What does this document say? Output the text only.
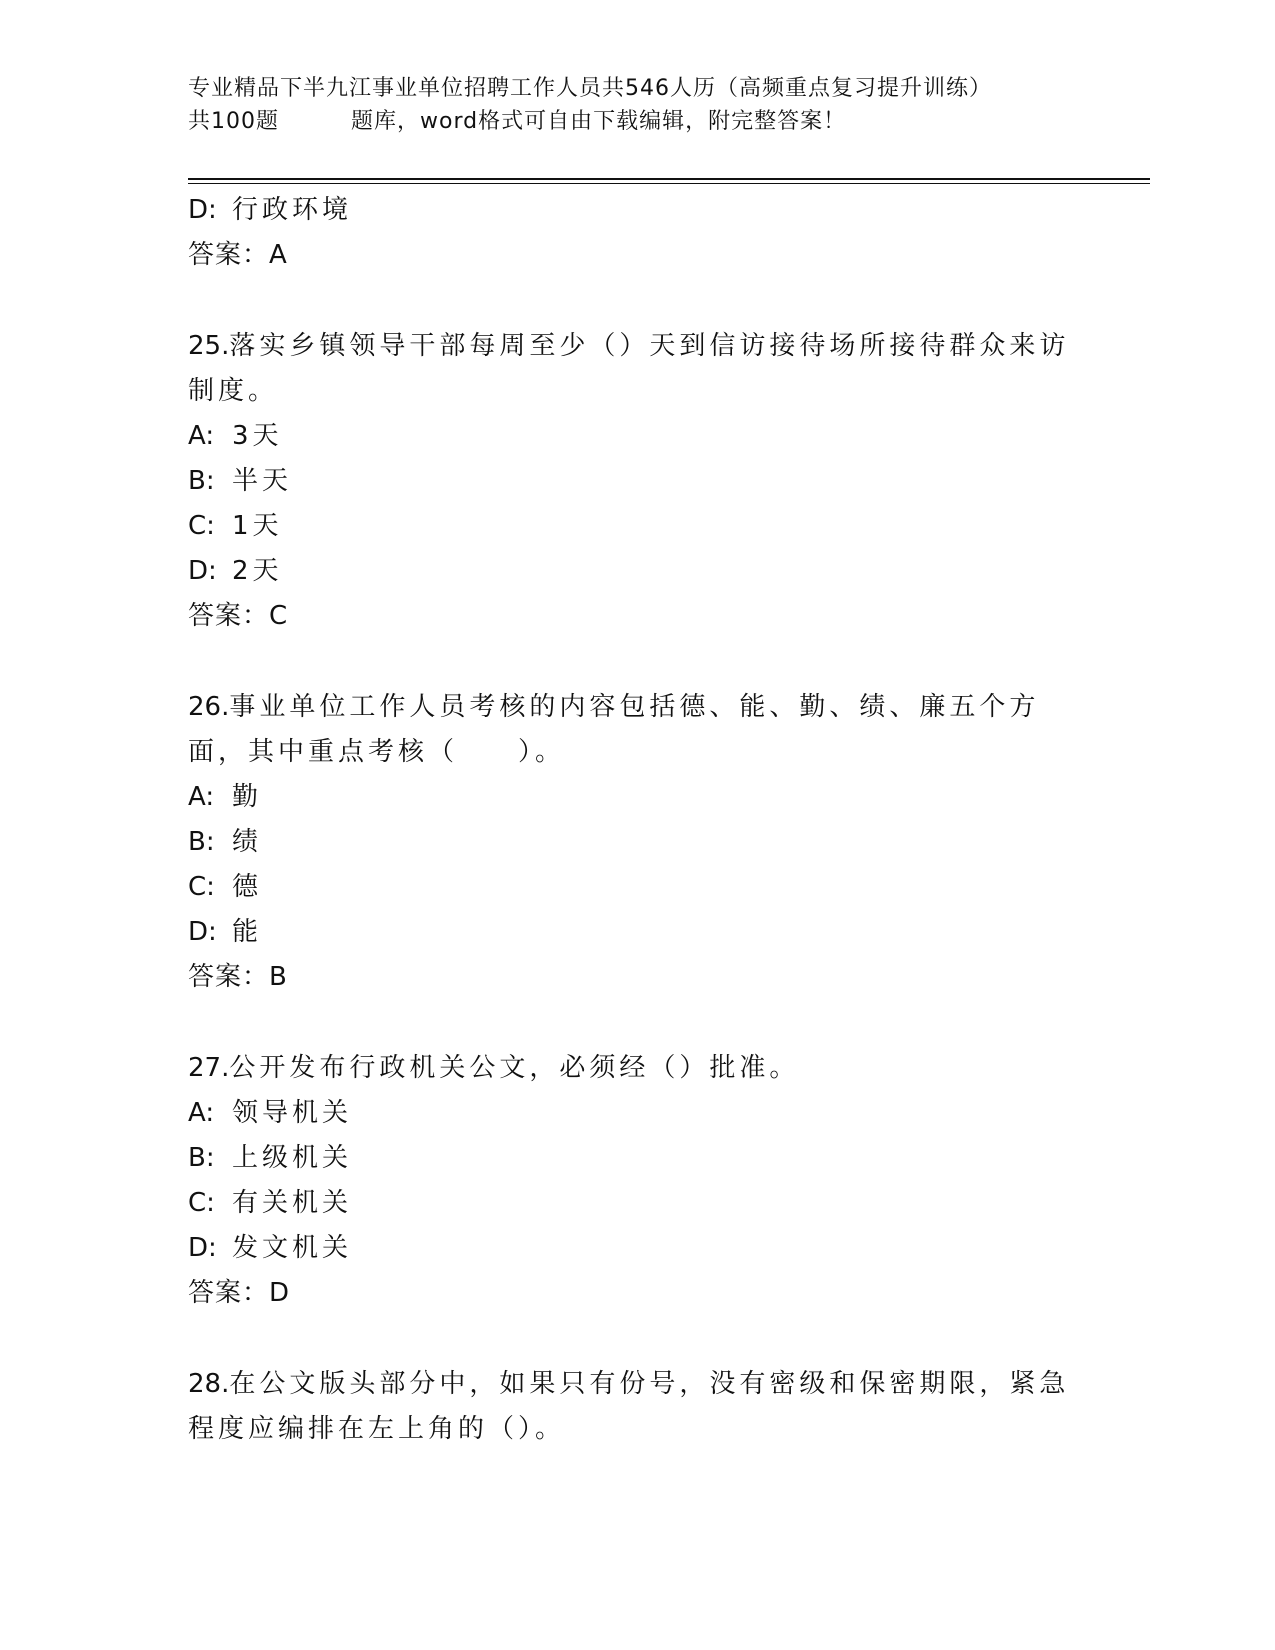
专业精品下半九江事业单位招聘工作人员共546人历（高频重点复习提升训练）
共100题	题库，word格式可自由下载编辑，附完整答案！
D: 行政环境
答案：A
25.落实乡镇领导干部每周至少（）天到信访接待场所接待群众来访制度。
A: 3天
B: 半天
C: 1天
D: 2天
答案：C
26.事业单位工作人员考核的内容包括德、能、勤、绩、廉五个方面，其中重点考核（　　）。
A: 勤
B: 绩
C: 德
D: 能
答案：B
27.公开发布行政机关公文，必须经（）批准。
A: 领导机关
B: 上级机关
C: 有关机关
D: 发文机关
答案：D
28.在公文版头部分中，如果只有份号，没有密级和保密期限，紧急程度应编排在左上角的（）。
